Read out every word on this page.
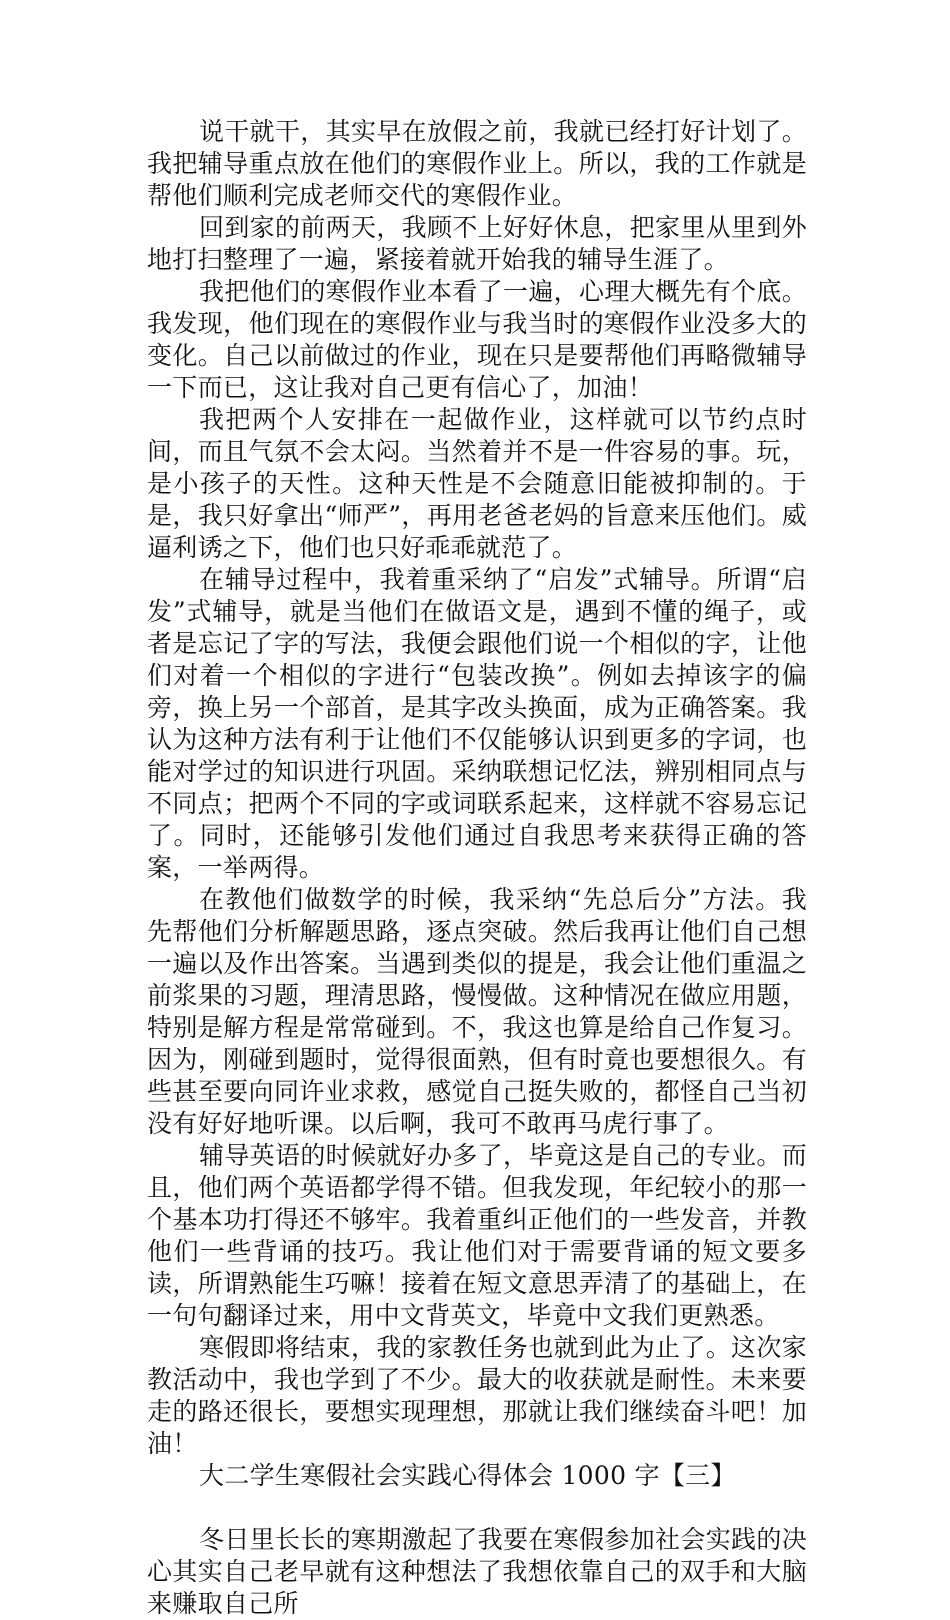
说干就干，其实早在放假之前，我就已经打好计划了。我把辅导重点放在他们的寒假作业上。所以，我的工作就是帮他们顺利完成老师交代的寒假作业。

回到家的前两天，我顾不上好好休息，把家里从里到外地打扫整理了一遍，紧接着就开始我的辅导生涯了。

我把他们的寒假作业本看了一遍，心理大概先有个底。我发现，他们现在的寒假作业与我当时的寒假作业没多大的变化。自己以前做过的作业，现在只是要帮他们再略微辅导一下而已，这让我对自己更有信心了，加油！

我把两个人安排在一起做作业，这样就可以节约点时间，而且气氛不会太闷。当然着并不是一件容易的事。玩，是小孩子的天性。这种天性是不会随意旧能被抑制的。于是，我只好拿出“师严”，再用老爸老妈的旨意来压他们。威逼利诱之下，他们也只好乖乖就范了。

在辅导过程中，我着重采纳了“启发”式辅导。所谓“启发”式辅导，就是当他们在做语文是，遇到不懂的绳子，或者是忘记了字的写法，我便会跟他们说一个相似的字，让他们对着一个相似的字进行“包装改换”。例如去掉该字的偏旁，换上另一个部首，是其字改头换面，成为正确答案。我认为这种方法有利于让他们不仅能够认识到更多的字词，也能对学过的知识进行巩固。采纳联想记忆法，辨别相同点与不同点；把两个不同的字或词联系起来，这样就不容易忘记了。同时，还能够引发他们通过自我思考来获得正确的答案，一举两得。

在教他们做数学的时候，我采纳“先总后分”方法。我先帮他们分析解题思路，逐点突破。然后我再让他们自己想一遍以及作出答案。当遇到类似的提是，我会让他们重温之前浆果的习题，理清思路，慢慢做。这种情况在做应用题，特别是解方程是常常碰到。不，我这也算是给自己作复习。因为，刚碰到题时，觉得很面熟，但有时竟也要想很久。有些甚至要向同许业求救，感觉自己挺失败的，都怪自己当初没有好好地听课。以后啊，我可不敢再马虎行事了。

辅导英语的时候就好办多了，毕竟这是自己的专业。而且，他们两个英语都学得不错。但我发现，年纪较小的那一个基本功打得还不够牢。我着重纠正他们的一些发音，并教他们一些背诵的技巧。我让他们对于需要背诵的短文要多读，所谓熟能生巧嘛！接着在短文意思弄清了的基础上，在一句句翻译过来，用中文背英文，毕竟中文我们更熟悉。

寒假即将结束，我的家教任务也就到此为止了。这次家教活动中，我也学到了不少。最大的收获就是耐性。未来要走的路还很长，要想实现理想，那就让我们继续奋斗吧！加油！

大二学生寒假社会实践心得体会 1000 字【三】

冬日里长长的寒期激起了我要在寒假参加社会实践的决心其实自己老早就有这种想法了我想依靠自己的双手和大脑来赚取自己所
